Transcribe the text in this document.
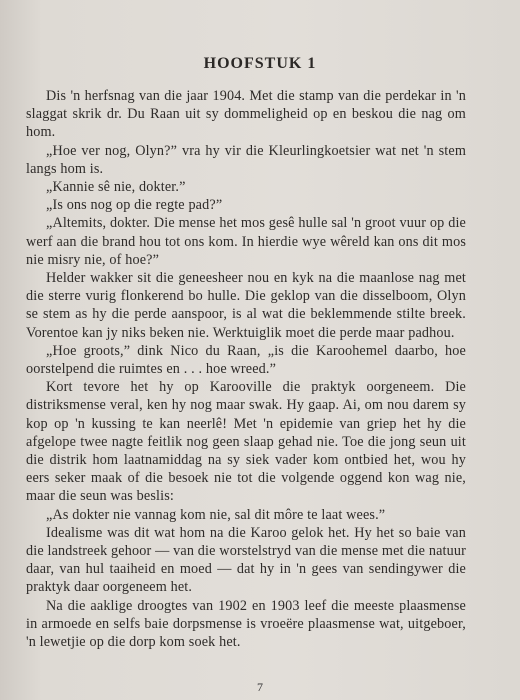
HOOFSTUK 1

Dis 'n herfsnag van die jaar 1904. Met die stamp van die perdekar in 'n slaggat skrik dr. Du Raan uit sy dommeligheid op en beskou die nag om hom.

„Hoe ver nog, Olyn?” vra hy vir die Kleurlingkoetsier wat net 'n stem langs hom is.

„Kannie sê nie, dokter.”

„Is ons nog op die regte pad?”

„Altemits, dokter. Die mense het mos gesê hulle sal 'n groot vuur op die werf aan die brand hou tot ons kom. In hierdie wye wêreld kan ons dit mos nie misry nie, of hoe?”

Helder wakker sit die geneesheer nou en kyk na die maanlose nag met die sterre vurig flonkerend bo hulle. Die geklop van die disselboom, Olyn se stem as hy die perde aanspoor, is al wat die beklemmende stilte breek. Vorentoe kan jy niks beken nie. Werktuiglik moet die perde maar padhou.

„Hoe groots,” dink Nico du Raan, „is die Karoohemel daarbo, hoe oorstelpend die ruimtes en . . . hoe wreed.”

Kort tevore het hy op Karooville die praktyk oorgeneem. Die distriksmense veral, ken hy nog maar swak. Hy gaap. Ai, om nou darem sy kop op 'n kussing te kan neerlê! Met 'n epidemie van griep het hy die afgelope twee nagte feitlik nog geen slaap gehad nie. Toe die jong seun uit die distrik hom laatnamiddag na sy siek vader kom ontbied het, wou hy eers seker maak of die besoek nie tot die volgende oggend kon wag nie, maar die seun was beslis:

„As dokter nie vannag kom nie, sal dit môre te laat wees.”

Idealisme was dit wat hom na die Karoo gelok het. Hy het so baie van die landstreek gehoor — van die worstelstryd van die mense met die natuur daar, van hul taaiheid en moed — dat hy in 'n gees van sendingywer die praktyk daar oorgeneem het.

Na die aaklige droogtes van 1902 en 1903 leef die meeste plaasmense in armoede en selfs baie dorpsmense is vroeëre plaasmense wat, uitgeboer, 'n lewetjie op die dorp kom soek het.

7
